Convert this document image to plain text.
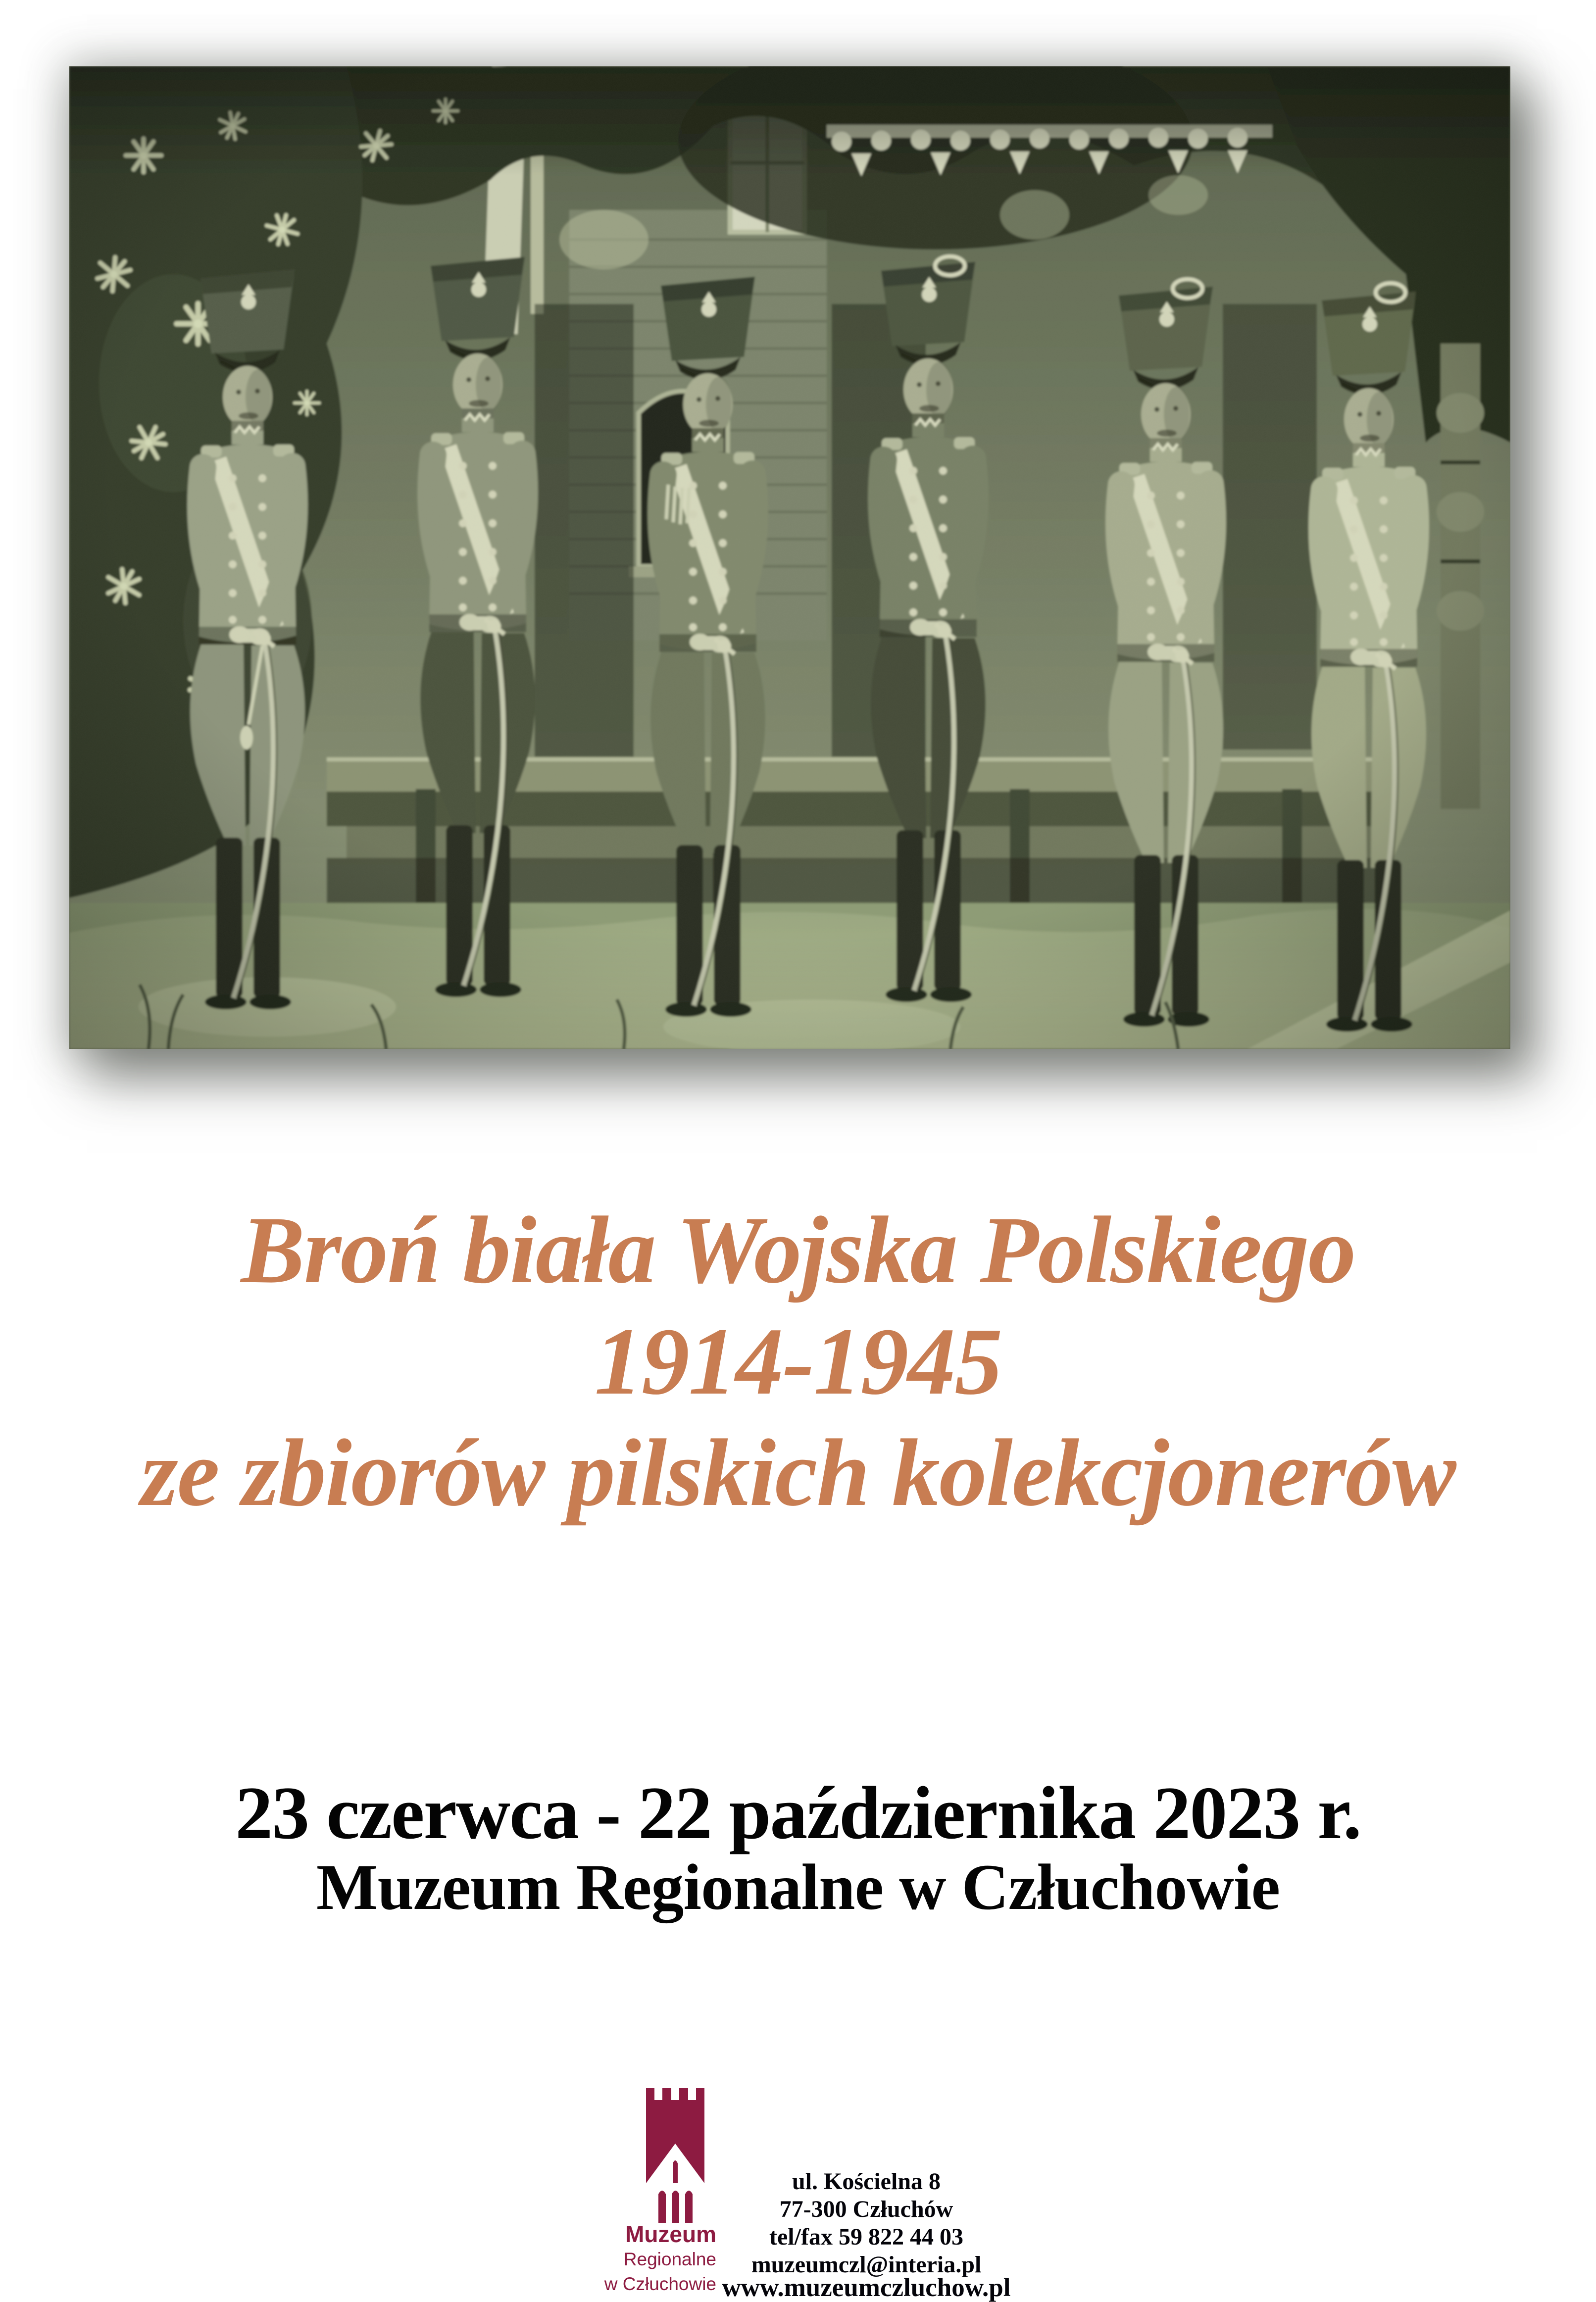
Broń biała Wojska Polskiego
1914-1945
ze zbiorów pilskich kolekcjonerów
23 czerwca - 22 października 2023 r.
Muzeum Regionalne w Człuchowie
Muzeum
Regionalne
w Człuchowie
ul. Kościelna 8
77-300 Człuchów
tel/fax 59 822 44 03
muzeumczl@interia.pl
www.muzeumczluchow.pl
